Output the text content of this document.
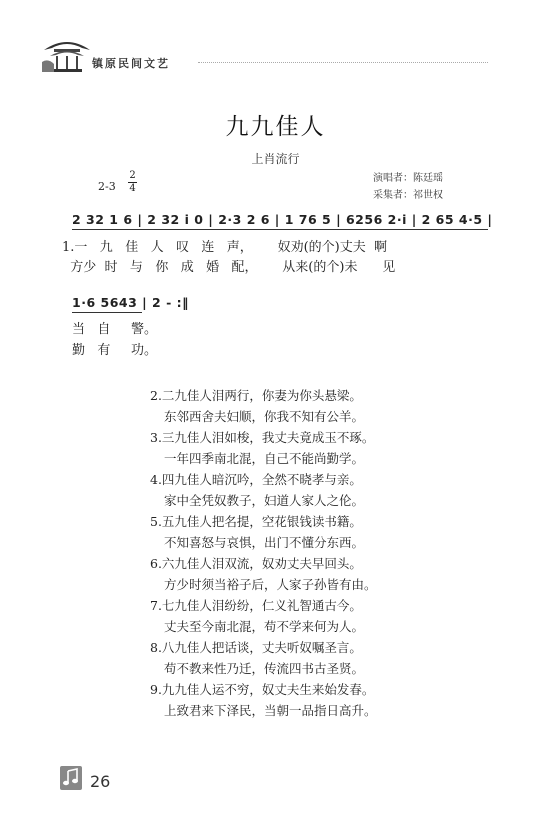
镇原民间文艺
九九佳人
上肖流行
演唱者：陈廷瑶
采集者：祁世权
2-3
2
4
2 32 1 6 | 2 32 i 0 | 2·3 2 6 | 1 76 5 | 6256 2·i | 2 65 4·5 |
1.一   九   佳   人   叹   连   声，      奴劝(的个)丈夫  啊
方少  时   与   你   成   婚   配，      从来(的个)未      见
1·6 5643 | 2 - :‖
当   自     警。
勤   有     功。
2.二九佳人泪两行，你妻为你头悬梁。
东邻西舍夫妇顺，你我不知有公羊。
3.三九佳人泪如梭，我丈夫竟成玉不琢。
一年四季南北混，自己不能尚勤学。
4.四九佳人暗沉吟，全然不晓孝与亲。
家中全凭奴教子，妇道人家人之伦。
5.五九佳人把名提，空花银钱读书籍。
不知喜怒与哀惧，出门不懂分东西。
6.六九佳人泪双流，奴劝丈夫早回头。
方少时须当裕子后，人家子孙皆有由。
7.七九佳人泪纷纷，仁义礼智通古今。
丈夫至今南北混，苟不学来何为人。
8.八九佳人把话谈，丈夫听奴嘱圣言。
苟不教来性乃迁，传流四书古圣贤。
9.九九佳人运不穷，奴丈夫生来始发春。
上致君来下泽民，当朝一品指日高升。
26
